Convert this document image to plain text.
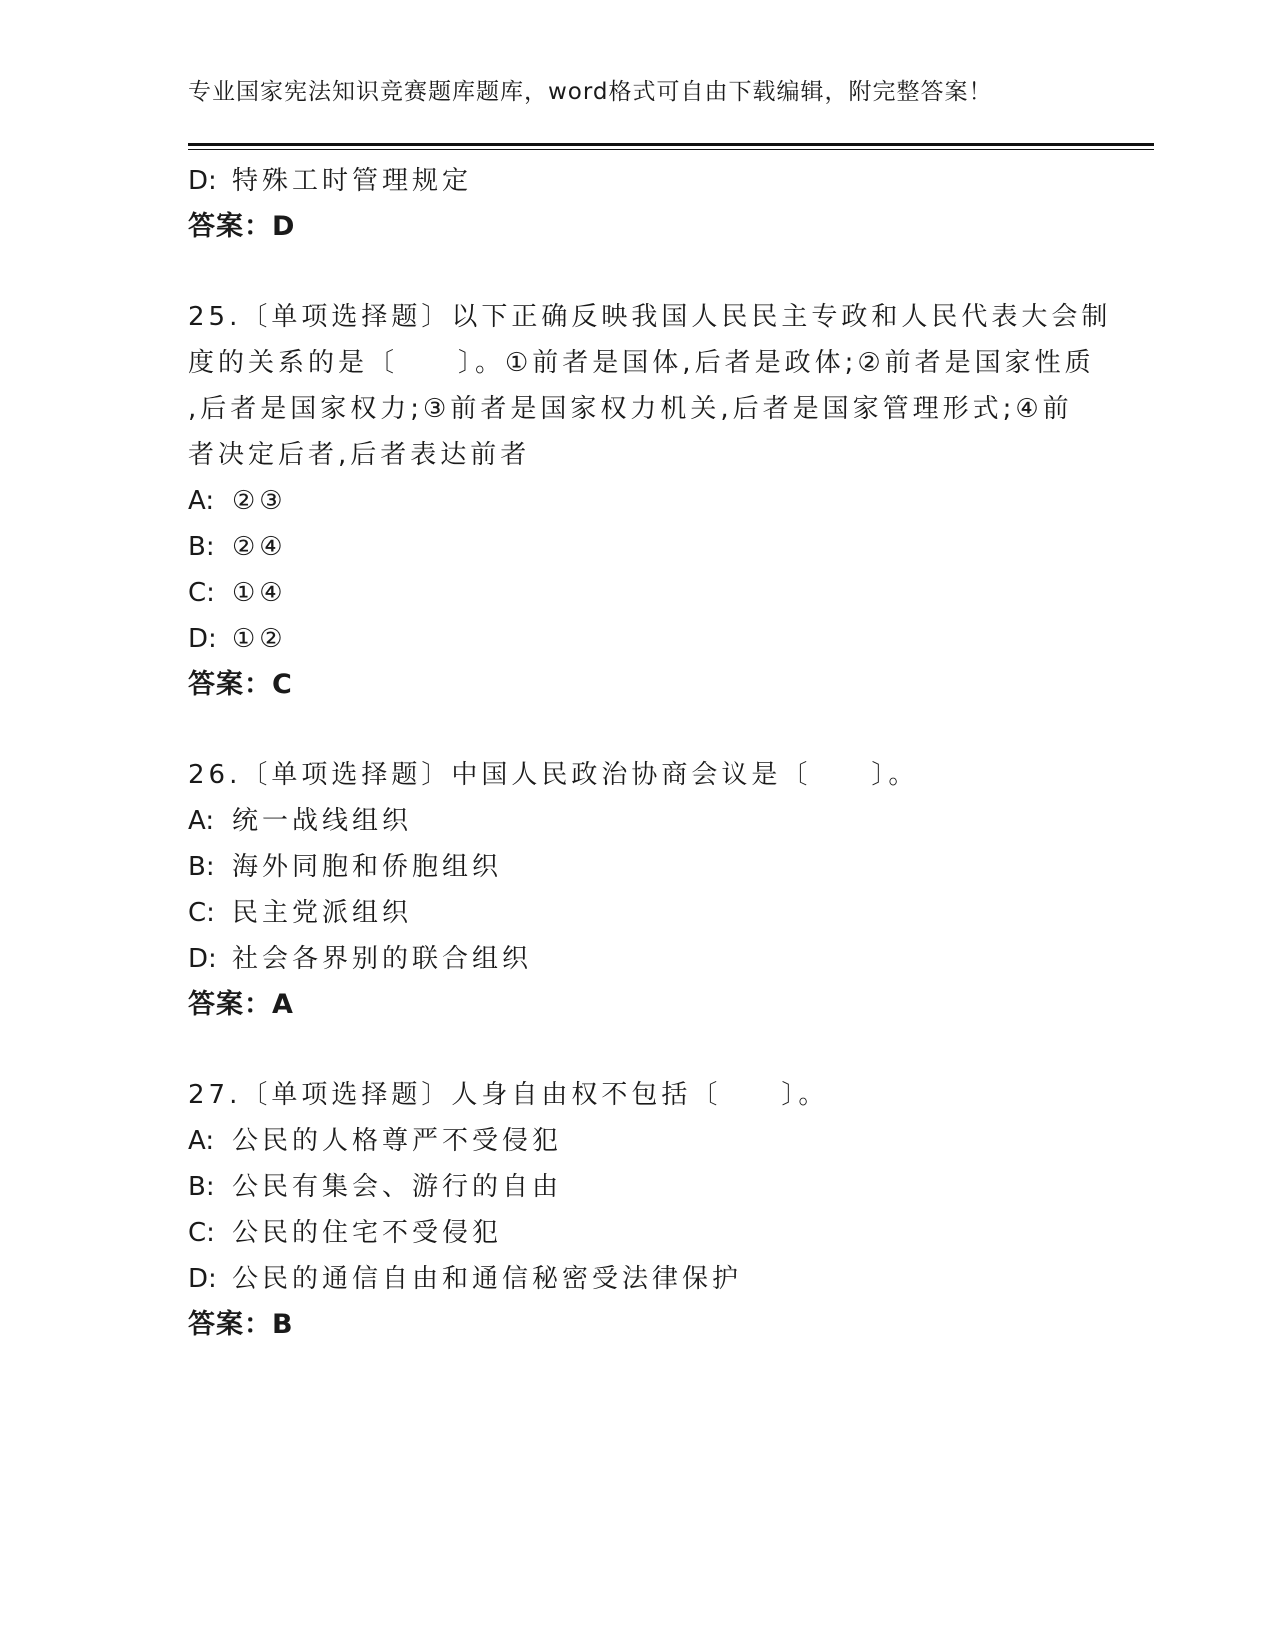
专业国家宪法知识竞赛题库题库，word格式可自由下载编辑，附完整答案！
D: 特殊工时管理规定
答案：D
25.〔单项选择题〕以下正确反映我国人民民主专政和人民代表大会制
度的关系的是〔　　〕。①前者是国体,后者是政体;②前者是国家性质
,后者是国家权力;③前者是国家权力机关,后者是国家管理形式;④前
者决定后者,后者表达前者
A: ②③
B: ②④
C: ①④
D: ①②
答案：C
26.〔单项选择题〕中国人民政治协商会议是〔　　〕。
A: 统一战线组织
B: 海外同胞和侨胞组织
C: 民主党派组织
D: 社会各界别的联合组织
答案：A
27.〔单项选择题〕人身自由权不包括〔　　〕。
A: 公民的人格尊严不受侵犯
B: 公民有集会、游行的自由
C: 公民的住宅不受侵犯
D: 公民的通信自由和通信秘密受法律保护
答案：B
